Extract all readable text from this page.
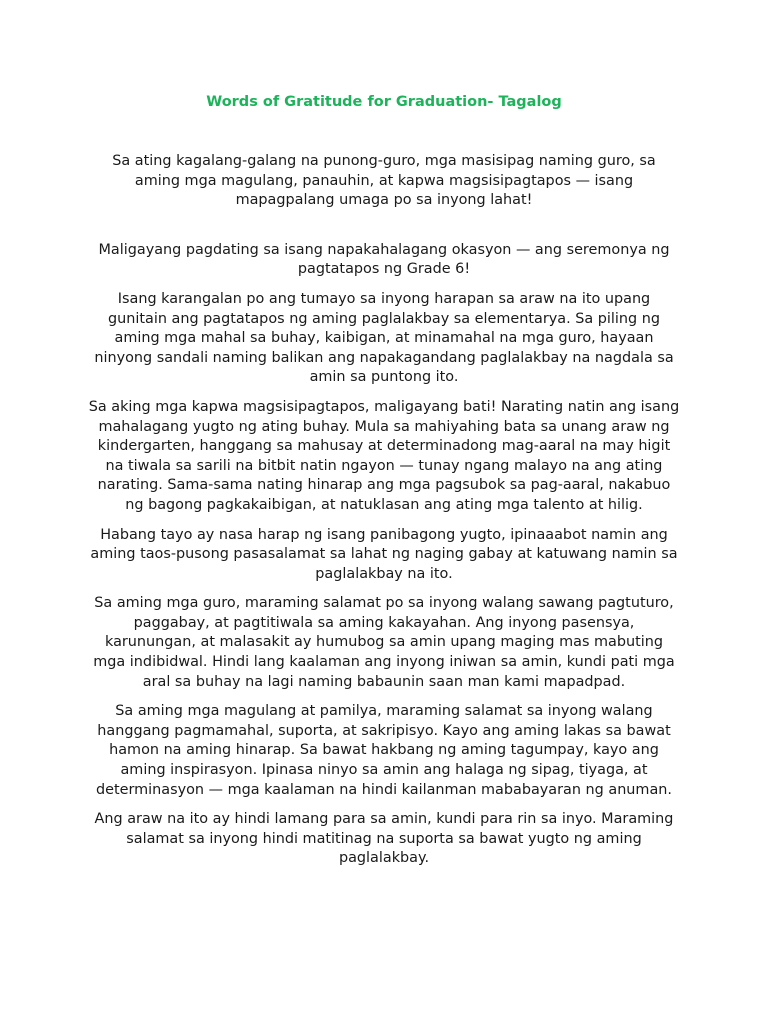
Words of Gratitude for Graduation- Tagalog

Sa ating kagalang-galang na punong-guro, mga masisipag naming guro, sa aming mga magulang, panauhin, at kapwa magsisipagtapos — isang mapagpalang umaga po sa inyong lahat!

Maligayang pagdating sa isang napakahalagang okasyon — ang seremonya ng pagtatapos ng Grade 6!

Isang karangalan po ang tumayo sa inyong harapan sa araw na ito upang gunitain ang pagtatapos ng aming paglalakbay sa elementarya. Sa piling ng aming mga mahal sa buhay, kaibigan, at minamahal na mga guro, hayaan ninyong sandali naming balikan ang napakagandang paglalakbay na nagdala sa amin sa puntong ito.

Sa aking mga kapwa magsisipagtapos, maligayang bati! Narating natin ang isang mahalagang yugto ng ating buhay. Mula sa mahiyahing bata sa unang araw ng kindergarten, hanggang sa mahusay at determinadong mag-aaral na may higit na tiwala sa sarili na bitbit natin ngayon — tunay ngang malayo na ang ating narating. Sama-sama nating hinarap ang mga pagsubok sa pag-aaral, nakabuo ng bagong pagkakaibigan, at natuklasan ang ating mga talento at hilig.

Habang tayo ay nasa harap ng isang panibagong yugto, ipinaaabot namin ang aming taos-pusong pasasalamat sa lahat ng naging gabay at katuwang namin sa paglalakbay na ito.

Sa aming mga guro, maraming salamat po sa inyong walang sawang pagtuturo, paggabay, at pagtitiwala sa aming kakayahan. Ang inyong pasensya, karunungan, at malasakit ay humubog sa amin upang maging mas mabuting mga indibidwal. Hindi lang kaalaman ang inyong iniwan sa amin, kundi pati mga aral sa buhay na lagi naming babaunin saan man kami mapadpad.

Sa aming mga magulang at pamilya, maraming salamat sa inyong walang hanggang pagmamahal, suporta, at sakripisyo. Kayo ang aming lakas sa bawat hamon na aming hinarap. Sa bawat hakbang ng aming tagumpay, kayo ang aming inspirasyon. Ipinasa ninyo sa amin ang halaga ng sipag, tiyaga, at determinasyon — mga kaalaman na hindi kailanman mababayaran ng anuman.

Ang araw na ito ay hindi lamang para sa amin, kundi para rin sa inyo. Maraming salamat sa inyong hindi matitinag na suporta sa bawat yugto ng aming paglalakbay.
